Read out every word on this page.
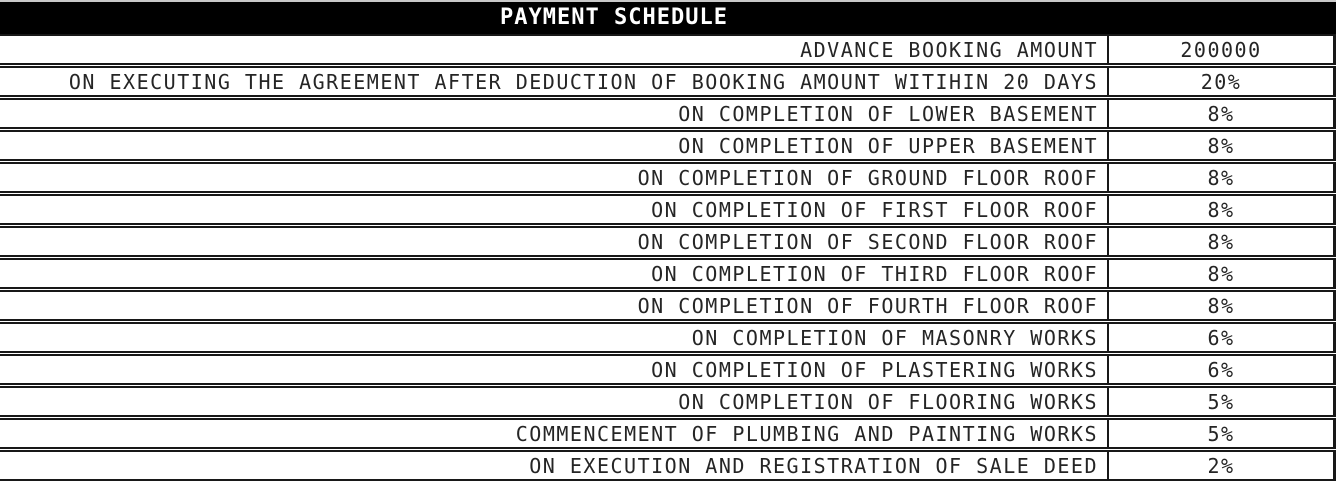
PAYMENT SCHEDULE
ADVANCE BOOKING AMOUNT	200000
ON EXECUTING THE AGREEMENT AFTER DEDUCTION OF BOOKING AMOUNT WITIHIN 20 DAYS	20%
ON COMPLETION OF LOWER BASEMENT	8%
ON COMPLETION OF UPPER BASEMENT	8%
ON COMPLETION OF GROUND FLOOR ROOF	8%
ON COMPLETION OF FIRST FLOOR ROOF	8%
ON COMPLETION OF SECOND FLOOR ROOF	8%
ON COMPLETION OF THIRD FLOOR ROOF	8%
ON COMPLETION OF FOURTH FLOOR ROOF	8%
ON COMPLETION OF MASONRY WORKS	6%
ON COMPLETION OF PLASTERING WORKS	6%
ON COMPLETION OF FLOORING WORKS	5%
COMMENCEMENT OF PLUMBING AND PAINTING WORKS	5%
ON EXECUTION AND REGISTRATION OF SALE DEED	2%
